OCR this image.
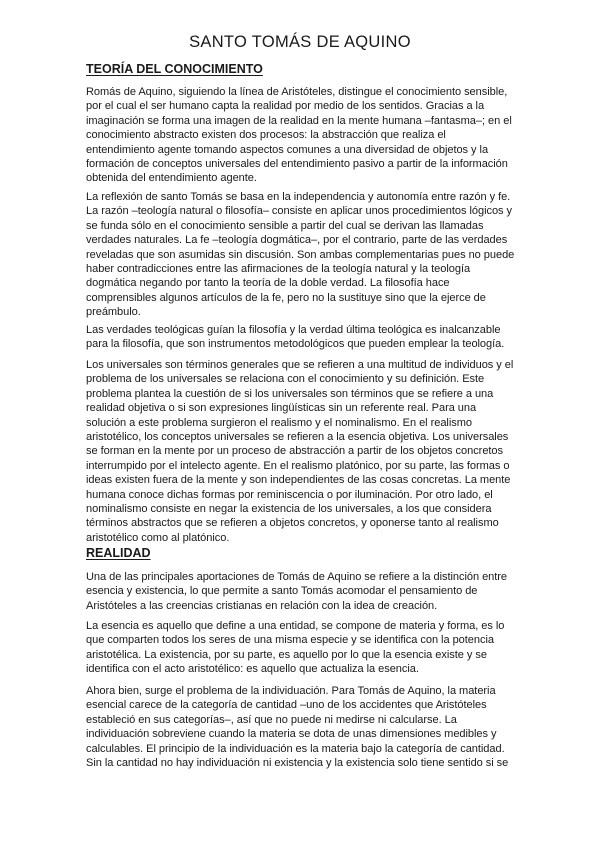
SANTO TOMÁS DE AQUINO
TEORÍA DEL CONOCIMIENTO

Romás de Aquino, siguiendo la línea de Aristóteles, distingue el conocimiento sensible, por el cual el ser humano capta la realidad por medio de los sentidos. Gracias a la imaginación se forma una imagen de la realidad en la mente humana –fantasma–; en el conocimiento abstracto existen dos procesos: la abstracción que realiza el entendimiento agente tomando aspectos comunes a una diversidad de objetos y la formación de conceptos universales del entendimiento pasivo a partir de la información obtenida del entendimiento agente.

La reflexión de santo Tomás se basa en la independencia y autonomía entre razón y fe. La razón –teología natural o filosofía– consiste en aplicar unos procedimientos lógicos y se funda sólo en el conocimiento sensible a partir del cual se derivan las llamadas verdades naturales. La fe –teología dogmática–, por el contrario, parte de las verdades reveladas que son asumidas sin discusión. Son ambas complementarias pues no puede haber contradicciones entre las afirmaciones de la teología natural y la teología dogmática negando por tanto la teoría de la doble verdad. La filosofía hace comprensibles algunos artículos de la fe, pero no la sustituye sino que la ejerce de preámbulo.

Las verdades teológicas guían la filosofía y la verdad última teológica es inalcanzable para la filosofía, que son instrumentos metodológicos que pueden emplear la teología.

Los universales son términos generales que se refieren a una multitud de individuos y el problema de los universales se relaciona con el conocimiento y su definición. Este problema plantea la cuestión de si los universales son términos que se refiere a una realidad objetiva o si son expresiones lingüísticas sin un referente real. Para una solución a este problema surgieron el realismo y el nominalismo. En el realismo aristotélico, los conceptos universales se refieren a la esencia objetiva. Los universales se forman en la mente por un proceso de abstracción a partir de los objetos concretos interrumpido por el intelecto agente. En el realismo platónico, por su parte, las formas o ideas existen fuera de la mente y son independientes de las cosas concretas. La mente humana conoce dichas formas por reminiscencia o por iluminación. Por otro lado, el nominalismo consiste en negar la existencia de los universales, a los que considera términos abstractos que se refieren a objetos concretos, y oponerse tanto al realismo aristotélico como al platónico.

REALIDAD

Una de las principales aportaciones de Tomás de Aquino se refiere a la distinción entre esencia y existencia, lo que permite a santo Tomás acomodar el pensamiento de Aristóteles a las creencias cristianas en relación con la idea de creación.

La esencia es aquello que define a una entidad, se compone de materia y forma, es lo que comparten todos los seres de una misma especie y se identifica con la potencia aristotélica. La existencia, por su parte, es aquello por lo que la esencia existe y se identifica con el acto aristotélico: es aquello que actualiza la esencia.

Ahora bien, surge el problema de la individuación. Para Tomás de Aquino, la materia esencial carece de la categoría de cantidad –uno de los accidentes que Aristóteles estableció en sus categorías–, así que no puede ni medirse ni calcularse. La individuación sobreviene cuando la materia se dota de unas dimensiones medibles y calculables. El principio de la individuación es la materia bajo la categoría de cantidad. Sin la cantidad no hay individuación ni existencia y la existencia solo tiene sentido si se
